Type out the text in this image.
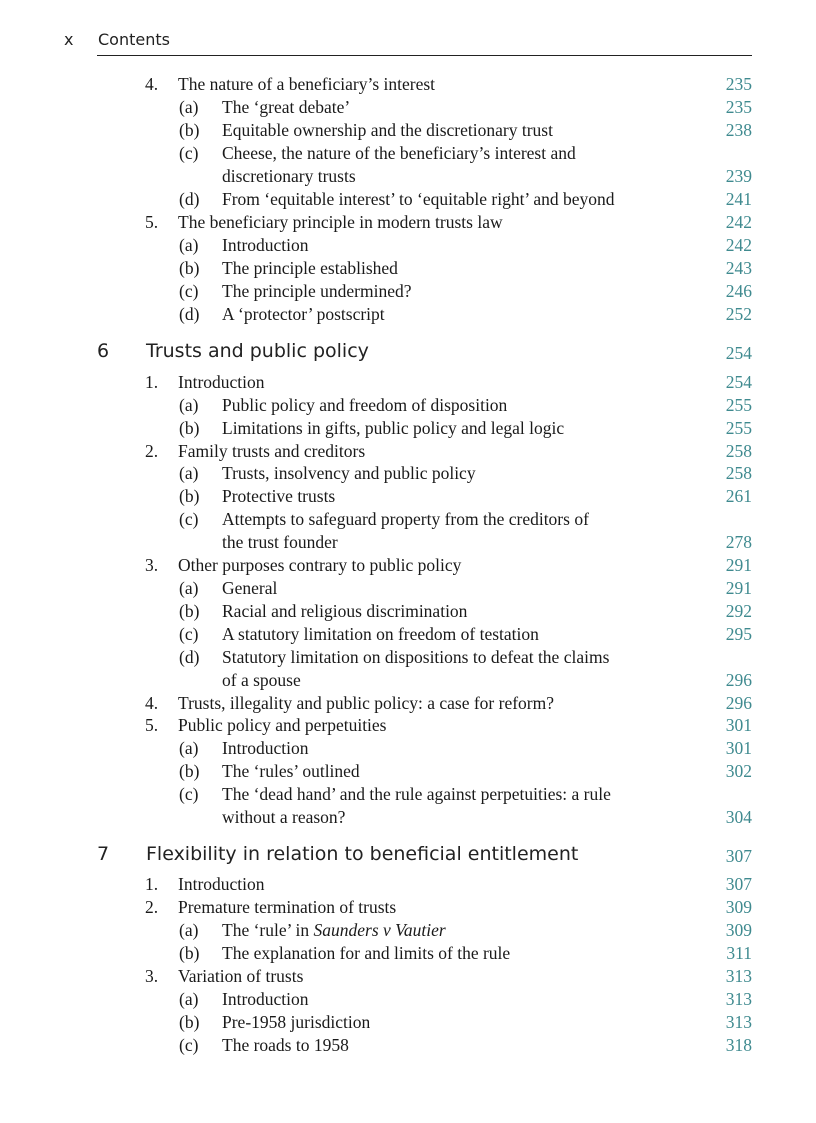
x Contents
4. The nature of a beneficiary’s interest	235
(a) The ‘great debate’	235
(b) Equitable ownership and the discretionary trust	238
(c) Cheese, the nature of the beneficiary’s interest and
discretionary trusts	239
(d) From ‘equitable interest’ to ‘equitable right’ and beyond	241
5. The beneficiary principle in modern trusts law	242
(a) Introduction	242
(b) The principle established	243
(c) The principle undermined?	246
(d) A ‘protector’ postscript	252
6 Trusts and public policy	254
1. Introduction	254
(a) Public policy and freedom of disposition	255
(b) Limitations in gifts, public policy and legal logic	255
2. Family trusts and creditors	258
(a) Trusts, insolvency and public policy	258
(b) Protective trusts	261
(c) Attempts to safeguard property from the creditors of
the trust founder	278
3. Other purposes contrary to public policy	291
(a) General	291
(b) Racial and religious discrimination	292
(c) A statutory limitation on freedom of testation	295
(d) Statutory limitation on dispositions to defeat the claims
of a spouse	296
4. Trusts, illegality and public policy: a case for reform?	296
5. Public policy and perpetuities	301
(a) Introduction	301
(b) The ‘rules’ outlined	302
(c) The ‘dead hand’ and the rule against perpetuities: a rule
without a reason?	304
7 Flexibility in relation to beneficial entitlement	307
1. Introduction	307
2. Premature termination of trusts	309
(a) The ‘rule’ in Saunders v Vautier	309
(b) The explanation for and limits of the rule	311
3. Variation of trusts	313
(a) Introduction	313
(b) Pre-1958 jurisdiction	313
(c) The roads to 1958	318
